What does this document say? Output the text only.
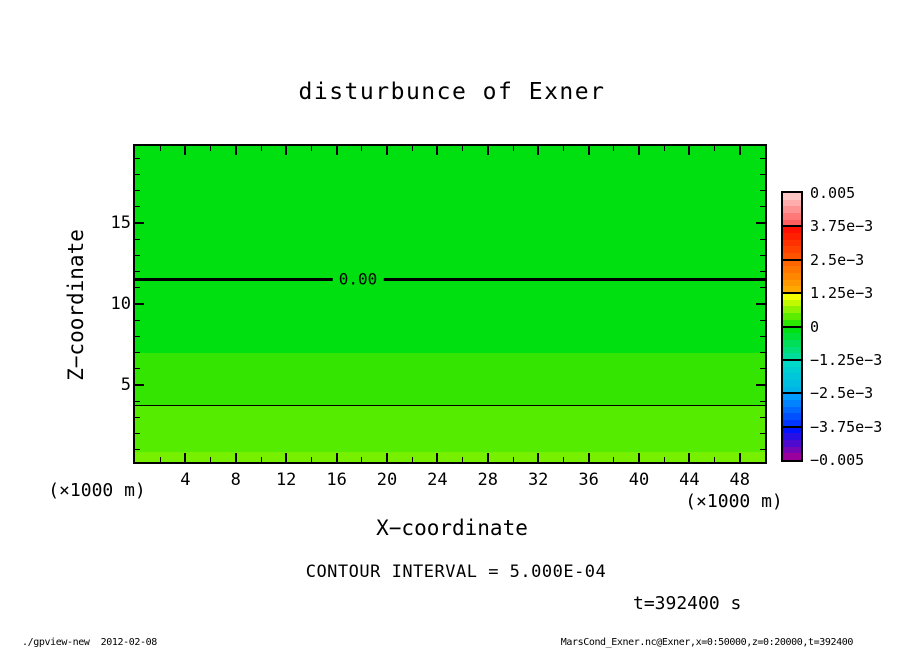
disturbunce of Exner
0.00
Z−coordinate
X−coordinate
(×1000 m)
(×1000 m)
CONTOUR INTERVAL = 5.000E-04
t=392400 s
./gpview-new  2012-02-08	MarsCond_Exner.nc@Exner,x=0:50000,z=0:20000,t=392400
4 8 12 16 20 24 28 32 36 40 44 48
5
10
15
0.005
3.75e−3
2.5e−3
1.25e−3
0
−1.25e−3
−2.5e−3
−3.75e−3
−0.005
